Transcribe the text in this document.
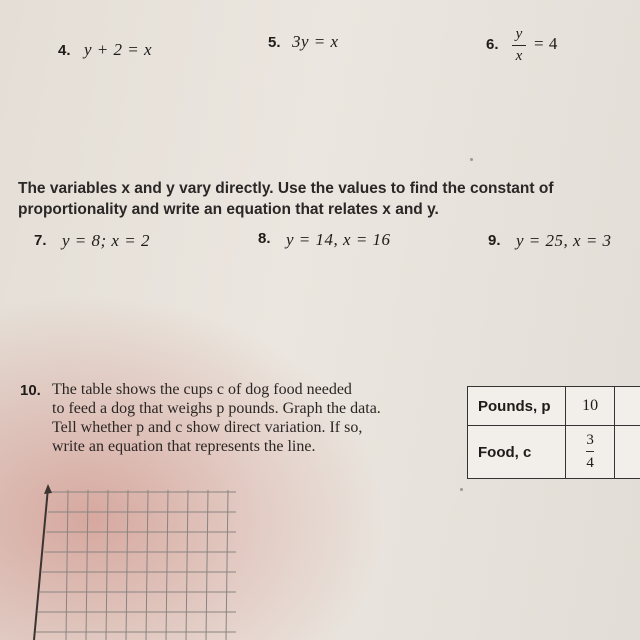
4. y + 2 = x	5. 3y = x	6.
y
x
= 4
The variables x and y vary directly. Use the values to find the constant of
proportionality and write an equation that relates x and y.
7. y = 8; x = 2	8. y = 14, x = 16	9. y = 25, x = 3
10. The table shows the cups c of dog food needed
to feed a dog that weighs p pounds. Graph the data.
Tell whether p and c show direct variation. If so,
write an equation that represents the line.
Pounds, p	10	
Food, c	$\frac{3}{4}$	
